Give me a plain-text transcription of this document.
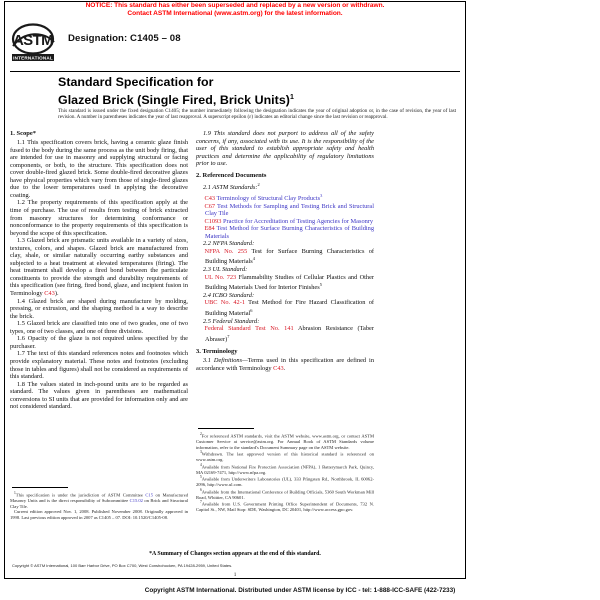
NOTICE: This standard has either been superseded and replaced by a new version or withdrawn.
Contact ASTM International (www.astm.org) for the latest information.
ASTM
INTERNATIONAL
Designation: C1405 – 08
Standard Specification for
Glazed Brick (Single Fired, Brick Units)$^1$
This standard is issued under the fixed designation C1405; the number immediately following the designation indicates the year of original adoption or, in the case of revision, the year of last revision. A number in parentheses indicates the year of last reapproval. A superscript epsilon (ε) indicates an editorial change since the last revision or reapproval.
1. Scope*

1.1 This specification covers brick, having a ceramic glaze finish fused to the body during the same process as the unit body firing, that are intended for use in masonry and supplying structural or facing components, or both, to the structure. This specification does not cover double-fired glazed brick. Some double-fired decorative glazes have physical properties which vary from those of single-fired glazes due to the lower temperatures used in applying the decorative coating.

1.2 The property requirements of this specification apply at the time of purchase. The use of results from testing of brick extracted from masonry structures for determining conformance or nonconformance to the property requirements of this specification is beyond the scope of this specification.

1.3 Glazed brick are prismatic units available in a variety of sizes, textures, colors, and shapes. Glazed brick are manufactured from clay, shale, or similar naturally occurring earthy substances and subjected to a heat treatment at elevated temperatures (firing). The heat treatment shall develop a fired bond between the particulate constituents to provide the strength and durability requirements of this specification (see firing, fired bond, glaze, and incipient fusion in Terminology C43).

1.4 Glazed brick are shaped during manufacture by molding, pressing, or extrusion, and the shaping method is a way to describe the brick.

1.5 Glazed brick are classified into one of two grades, one of two types, one of two classes, and one of three divisions.

1.6 Opacity of the glaze is not required unless specified by the purchaser.

1.7 The text of this standard references notes and footnotes which provide explanatory material. These notes and footnotes (excluding those in tables and figures) shall not be considered as requirements of this standard.

1.8 The values stated in inch-pound units are to be regarded as standard. The values given in parentheses are mathematical conversions to SI units that are provided for information only and are not considered standard.

1.9 This standard does not purport to address all of the safety concerns, if any, associated with its use. It is the responsibility of the user of this standard to establish appropriate safety and health practices and determine the applicability of regulatory limitations prior to use.

2. Referenced Documents

2.1 ASTM Standards:$^2$

C43 Terminology of Structural Clay Products$^3$

C67 Test Methods for Sampling and Testing Brick and Structural Clay Tile

C1093 Practice for Accreditation of Testing Agencies for Masonry

E84 Test Method for Surface Burning Characteristics of Building Materials

2.2 NFPA Standard:

NFPA No. 255 Test for Surface Burning Characteristics of Building Materials$^4$

2.3 UL Standard:

UL No. 723 Flammability Studies of Cellular Plastics and Other Building Materials Used for Interior Finishes$^5$

2.4 ICBO Standard:

UBC No. 42-1 Test Method for Fire Hazard Classification of Building Material$^6$

2.5 Federal Standard:

Federal Standard Test No. 141 Abrasion Resistance (Taber Abraser)$^7$

3. Terminology

3.1 Definitions—Terms used in this specification are defined in accordance with Terminology C43.

$^1$This specification is under the jurisdiction of ASTM Committee C15 on Manufactured Masonry Units and is the direct responsibility of Subcommittee C15.02 on Brick and Structural Clay Tile.

Current edition approved Nov. 1, 2008. Published November 2008. Originally approved in 1998. Last previous edition approved in 2007 as C1405 – 07. DOI: 10.1520/C1405-08.

$^2$For referenced ASTM standards, visit the ASTM website, www.astm.org, or contact ASTM Customer Service at service@astm.org. For Annual Book of ASTM Standards volume information, refer to the standard's Document Summary page on the ASTM website.

$^3$Withdrawn. The last approved version of this historical standard is referenced on www.astm.org.

$^4$Available from National Fire Protection Association (NFPA), 1 Batterymarch Park, Quincy, MA 02169-7471, http://www.nfpa.org.

$^5$Available from Underwriters Laboratories (UL), 333 Pfingsten Rd., Northbrook, IL 60062-2096, http://www.ul.com.

$^6$Available from the International Conference of Building Officials, 5360 South Workman Mill Road, Whittier, CA 90601.

$^7$Available from U.S. Government Printing Office Superintendent of Documents, 732 N. Capitol St., NW, Mail Stop: SDE, Washington, DC 20401, http://www.access.gpo.gov.

*A Summary of Changes section appears at the end of this standard.
Copyright © ASTM International, 100 Barr Harbor Drive, PO Box C700, West Conshohocken, PA 19428-2959, United States.
1
Copyright ASTM International. Distributed under ASTM license by ICC - tel: 1-888-ICC-SAFE (422-7233)
